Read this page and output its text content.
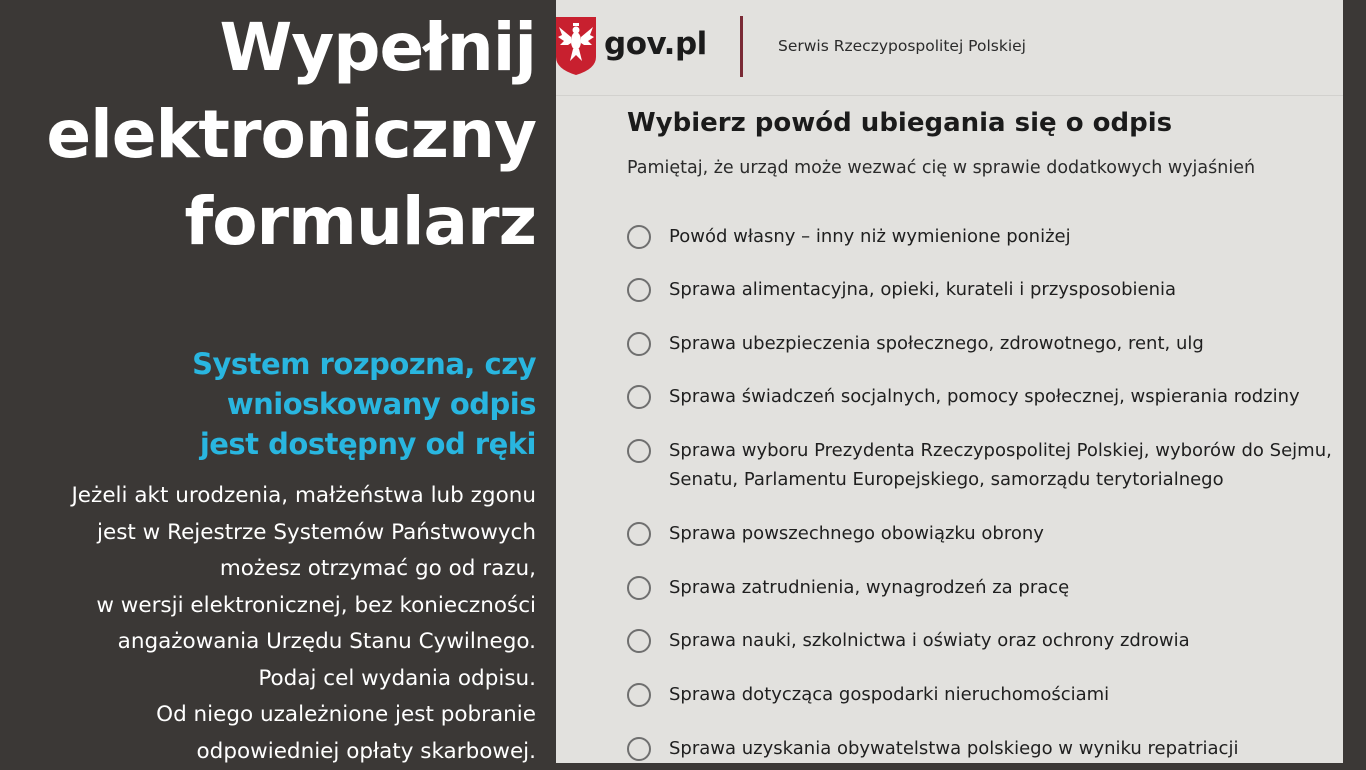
Wypełnij
elektroniczny
formularz
System rozpozna, czy
wnioskowany odpis
jest dostępny od ręki
Jeżeli akt urodzenia, małżeństwa lub zgonu
jest w Rejestrze Systemów Państwowych
możesz otrzymać go od razu,
w wersji elektronicznej, bez konieczności
angażowania Urzędu Stanu Cywilnego.
Podaj cel wydania odpisu.
Od niego uzależnione jest pobranie
odpowiedniej opłaty skarbowej.
gov.pl	Serwis Rzeczypospolitej Polskiej
Wybierz powód ubiegania się o odpis
Pamiętaj, że urząd może wezwać cię w sprawie dodatkowych wyjaśnień
Powód własny – inny niż wymienione poniżej
Sprawa alimentacyjna, opieki, kurateli i przysposobienia
Sprawa ubezpieczenia społecznego, zdrowotnego, rent, ulg
Sprawa świadczeń socjalnych, pomocy społecznej, wspierania rodziny
Sprawa wyboru Prezydenta Rzeczypospolitej Polskiej, wyborów do Sejmu,
Senatu, Parlamentu Europejskiego, samorządu terytorialnego
Sprawa powszechnego obowiązku obrony
Sprawa zatrudnienia, wynagrodzeń za pracę
Sprawa nauki, szkolnictwa i oświaty oraz ochrony zdrowia
Sprawa dotycząca gospodarki nieruchomościami
Sprawa uzyskania obywatelstwa polskiego w wyniku repatriacji
